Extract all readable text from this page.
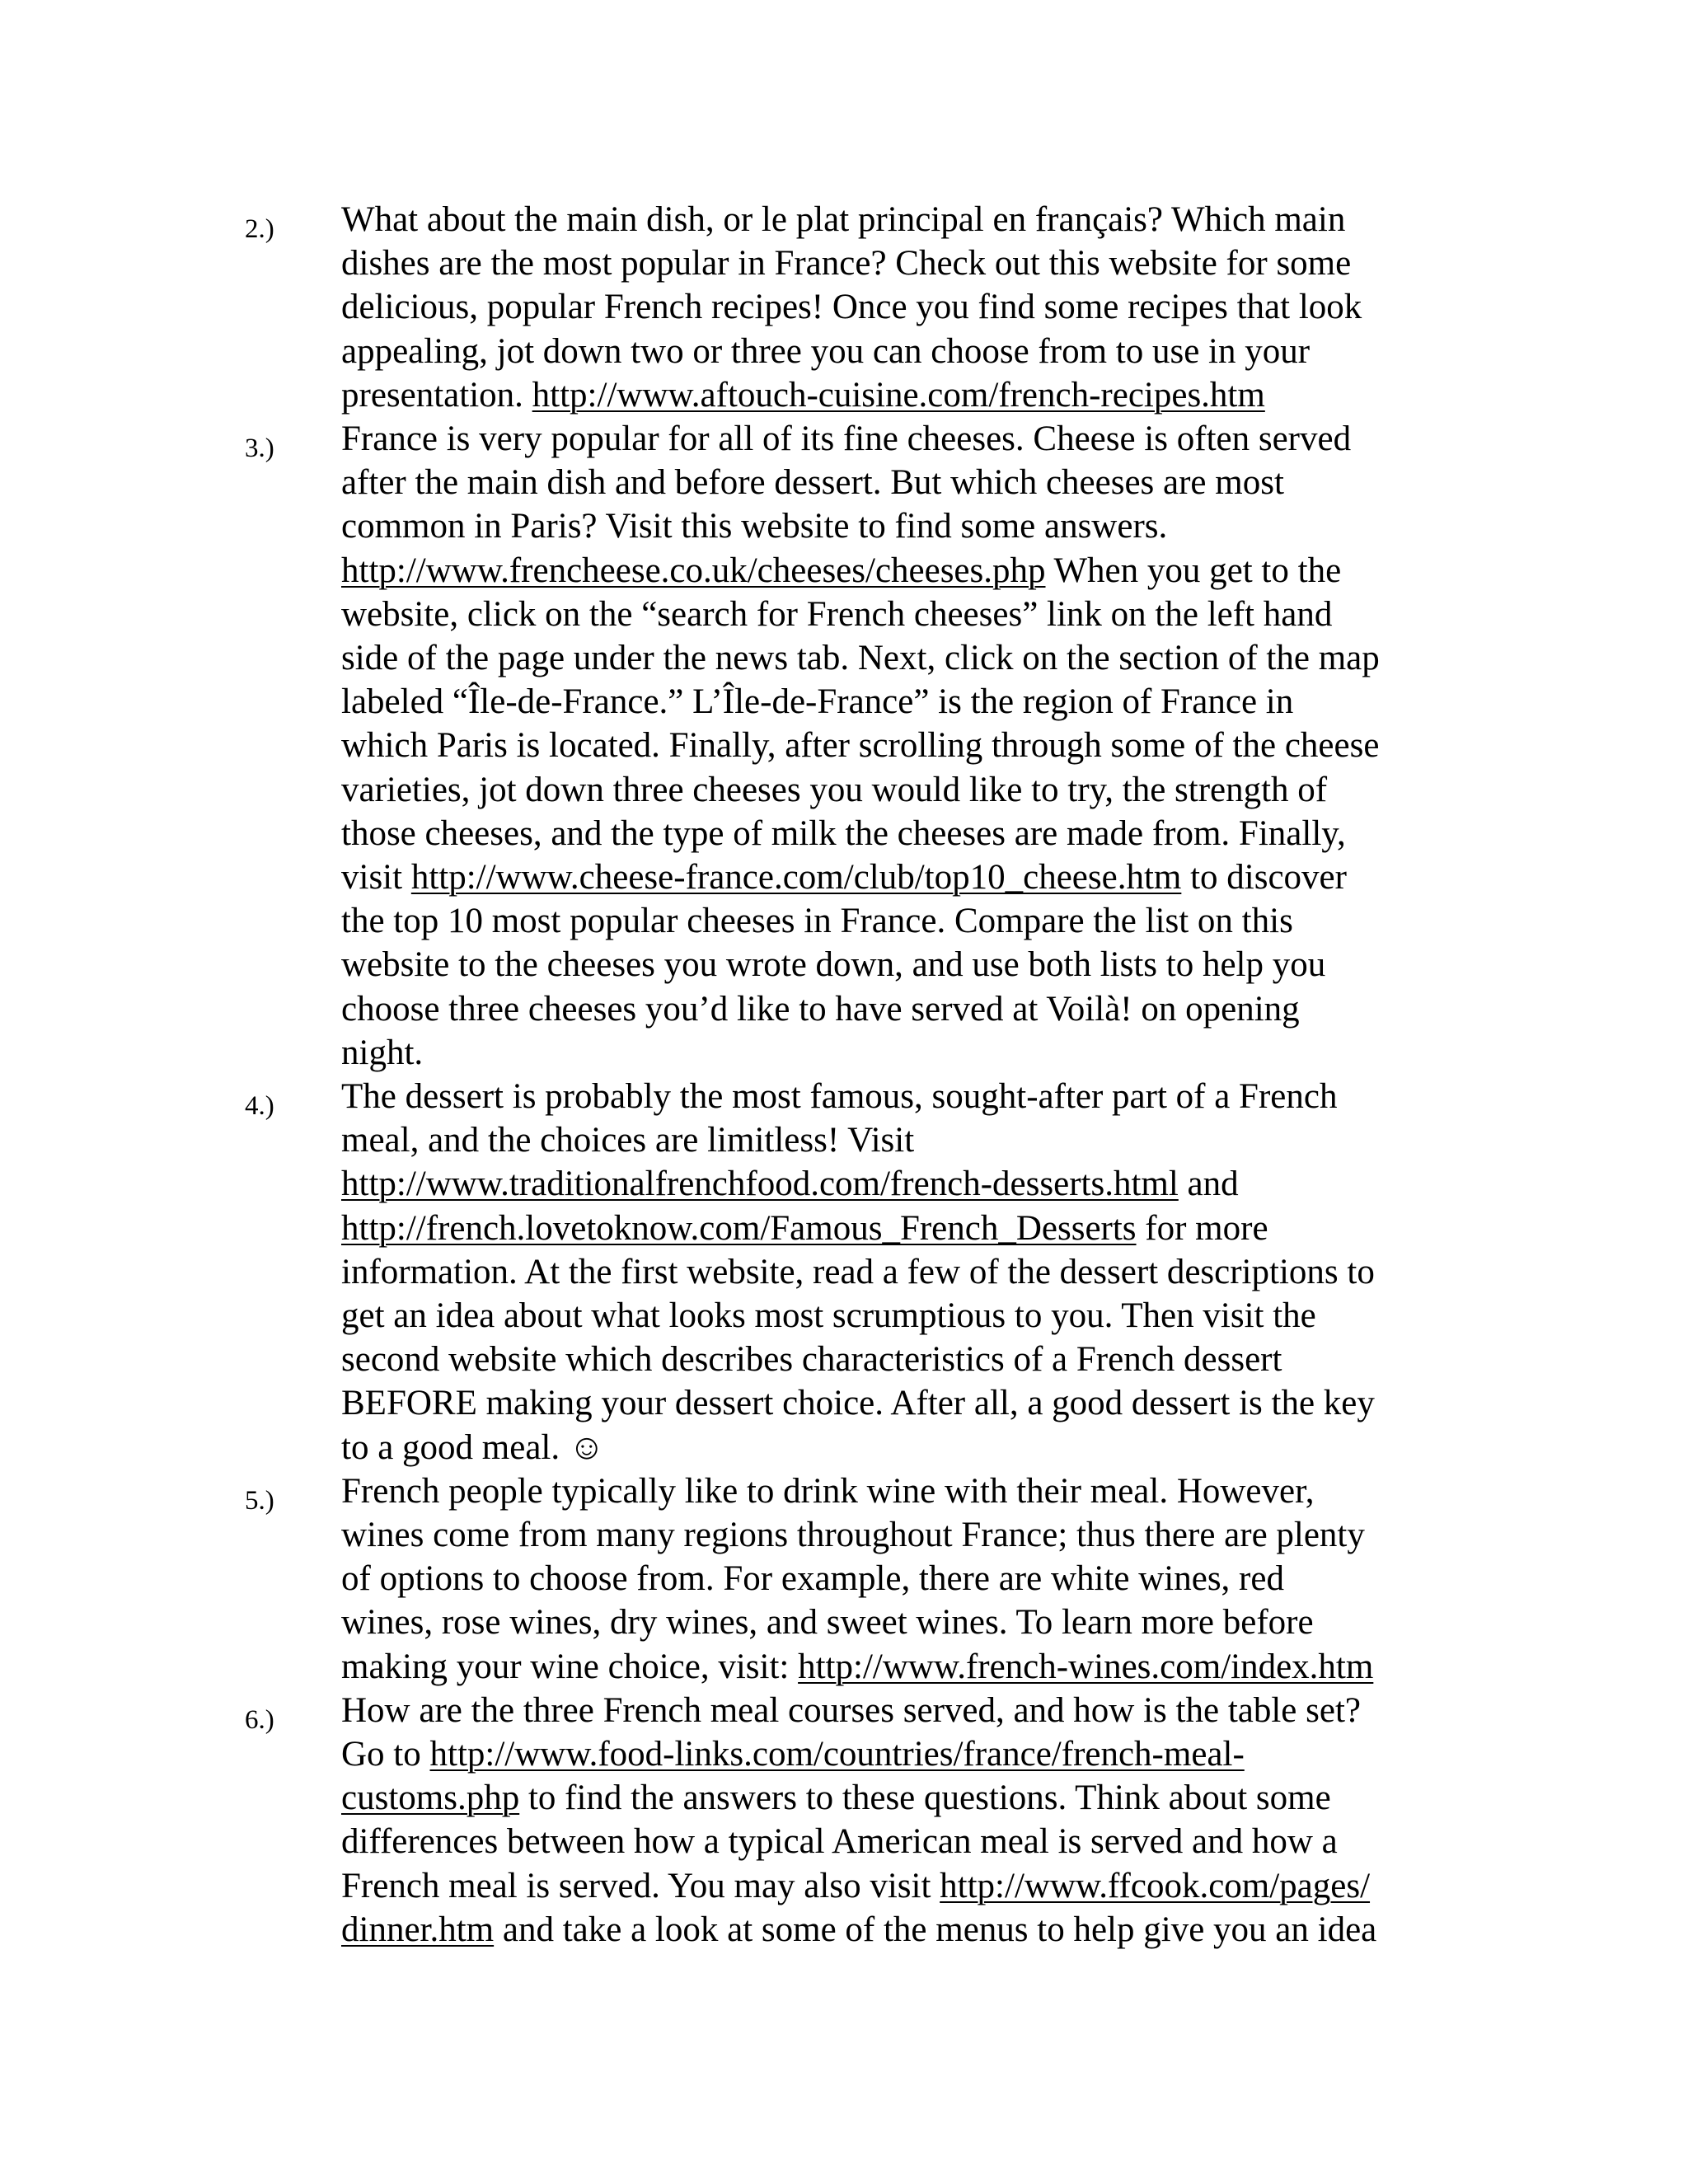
2.) What about the main dish, or le plat principal en français? Which main
dishes are the most popular in France? Check out this website for some
delicious, popular French recipes! Once you find some recipes that look
appealing, jot down two or three you can choose from to use in your
presentation. http://www.aftouch-cuisine.com/french-recipes.htm
3.) France is very popular for all of its fine cheeses. Cheese is often served
after the main dish and before dessert. But which cheeses are most
common in Paris? Visit this website to find some answers.
http://www.frencheese.co.uk/cheeses/cheeses.php When you get to the
website, click on the “search for French cheeses” link on the left hand
side of the page under the news tab. Next, click on the section of the map
labeled “Île-de-France.” L’Île-de-France” is the region of France in
which Paris is located. Finally, after scrolling through some of the cheese
varieties, jot down three cheeses you would like to try, the strength of
those cheeses, and the type of milk the cheeses are made from. Finally,
visit http://www.cheese-france.com/club/top10_cheese.htm to discover
the top 10 most popular cheeses in France. Compare the list on this
website to the cheeses you wrote down, and use both lists to help you
choose three cheeses you’d like to have served at Voilà! on opening
night.
4.) The dessert is probably the most famous, sought-after part of a French
meal, and the choices are limitless! Visit
http://www.traditionalfrenchfood.com/french-desserts.html and
http://french.lovetoknow.com/Famous_French_Desserts for more
information. At the first website, read a few of the dessert descriptions to
get an idea about what looks most scrumptious to you. Then visit the
second website which describes characteristics of a French dessert
BEFORE making your dessert choice. After all, a good dessert is the key
to a good meal. ☺
5.) French people typically like to drink wine with their meal. However,
wines come from many regions throughout France; thus there are plenty
of options to choose from. For example, there are white wines, red
wines, rose wines, dry wines, and sweet wines. To learn more before
making your wine choice, visit: http://www.french-wines.com/index.htm
6.) How are the three French meal courses served, and how is the table set?
Go to http://www.food-links.com/countries/france/french-meal-
customs.php to find the answers to these questions. Think about some
differences between how a typical American meal is served and how a
French meal is served. You may also visit http://www.ffcook.com/pages/
dinner.htm and take a look at some of the menus to help give you an idea
